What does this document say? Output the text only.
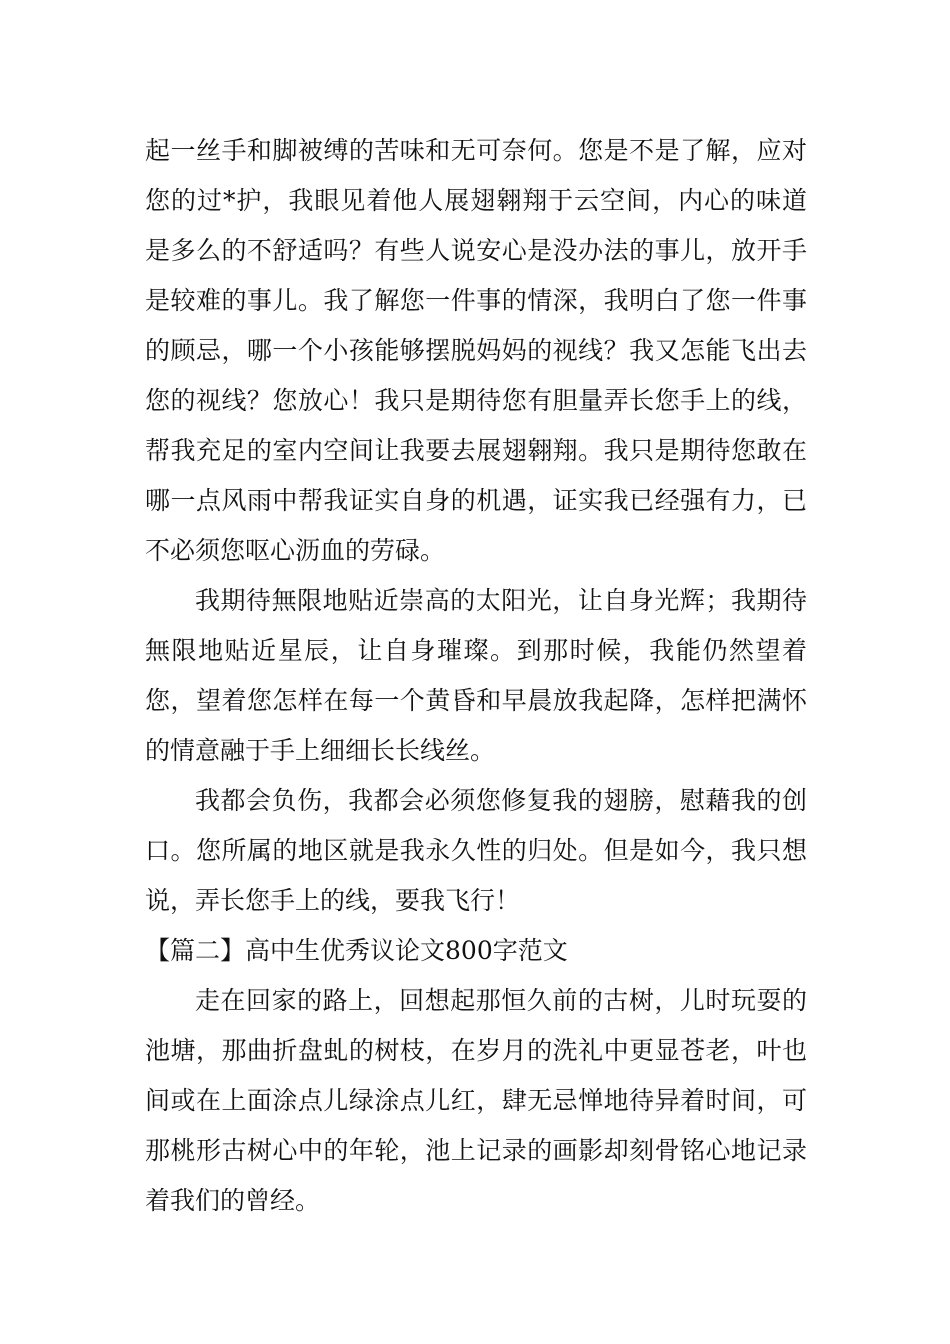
起一丝手和脚被缚的苦味和无可奈何。您是不是了解，应对您的过*护，我眼见着他人展翅翱翔于云空间，内心的味道是多么的不舒适吗？有些人说安心是没办法的事儿，放开手是较难的事儿。我了解您一件事的情深，我明白了您一件事的顾忌，哪一个小孩能够摆脱妈妈的视线？我又怎能飞出去您的视线？您放心！我只是期待您有胆量弄长您手上的线，帮我充足的室内空间让我要去展翅翱翔。我只是期待您敢在哪一点风雨中帮我证实自身的机遇，证实我已经强有力，已不必须您呕心沥血的劳碌。

我期待無限地贴近崇高的太阳光，让自身光辉；我期待無限地贴近星辰，让自身璀璨。到那时候，我能仍然望着您，望着您怎样在每一个黄昏和早晨放我起降，怎样把满怀的情意融于手上细细长长线丝。

我都会负伤，我都会必须您修复我的翅膀，慰藉我的创口。您所属的地区就是我永久性的归处。但是如今，我只想说，弄长您手上的线，要我飞行！

【篇二】高中生优秀议论文800字范文

走在回家的路上，回想起那恒久前的古树，儿时玩耍的池塘，那曲折盘虬的树枝，在岁月的洗礼中更显苍老，叶也间或在上面涂点儿绿涂点儿红，肆无忌惮地待异着时间，可那桃形古树心中的年轮，池上记录的画影却刻骨铭心地记录着我们的曾经。
